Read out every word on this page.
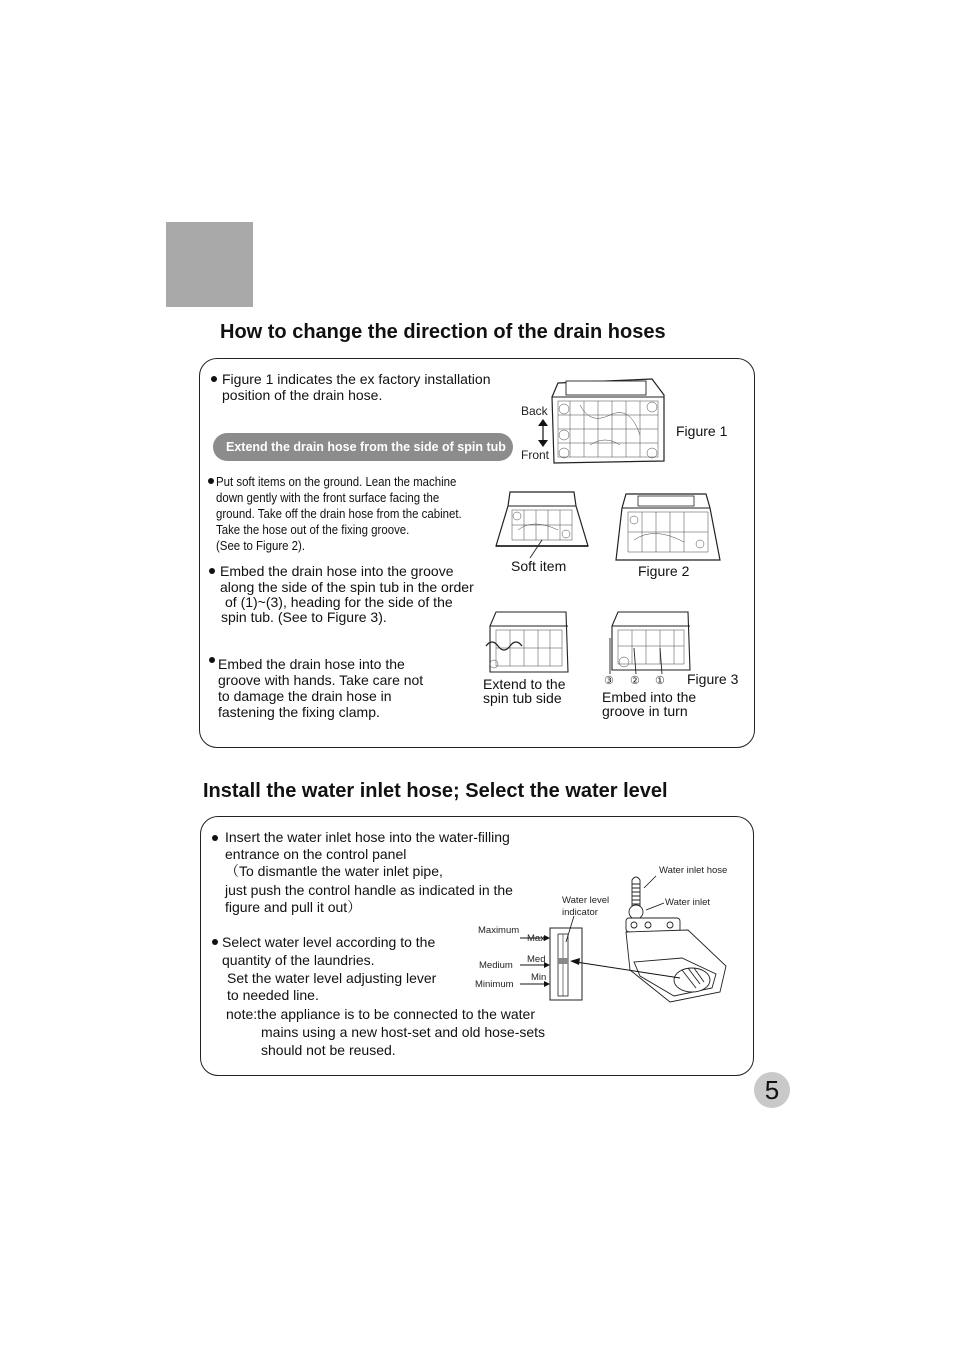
How to change the direction of the drain hoses
Figure 1 indicates the ex factory installation
position of the drain hose.
Extend the drain hose from the side of spin tub
Back
Front
Figure 1
Put soft items on the ground. Lean the machine
down gently with the front surface facing the
ground. Take off the drain hose from the cabinet.
Take the hose out of the fixing groove.
(See to Figure 2).
Soft item	Figure 2
Embed the drain hose into the groove
along the side of the spin tub in the order
of (1)~(3), heading for the side of the
spin tub. (See to Figure 3).
Extend to the
spin tub side
③ ② ① Figure 3
Embed into the
groove in turn
Embed the drain hose into the
groove with hands. Take care not
to damage the drain hose in
fastening the fixing clamp.
Install the water inlet hose; Select the water level
Insert the water inlet hose into the water-filling
entrance on the control panel
（To dismantle the water inlet pipe,
just push the control handle as indicated in the
figure and pull it out）
Select water level according to the
quantity of the laundries.
Set the water level adjusting lever
to needed line.
note:the appliance is to be connected to the water
mains using a new host-set and old hose-sets
should not be reused.
Maximum
Medium
Minimum
Max
Med
Min
Water level
indicator
Water inlet hose
Water inlet
5
